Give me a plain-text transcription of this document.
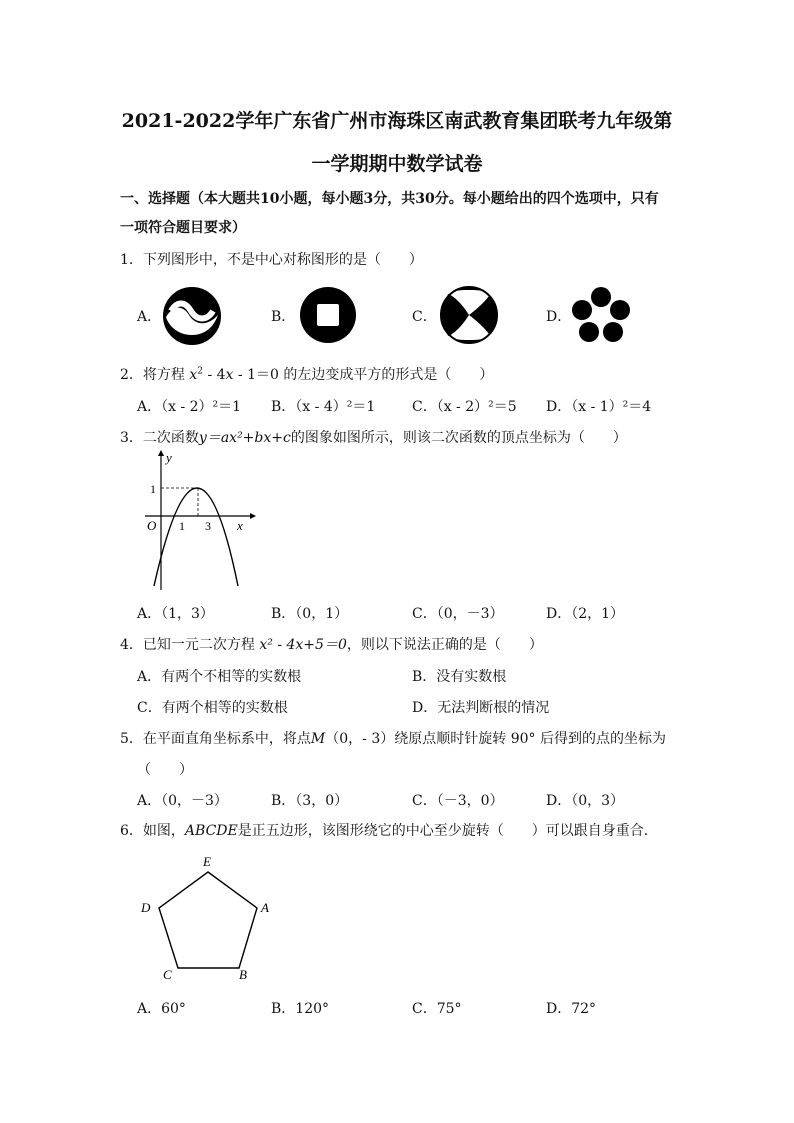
2021-2022学年广东省广州市海珠区南武教育集团联考九年级第
一学期期中数学试卷
一、选择题（本大题共10小题，每小题3分，共30分。每小题给出的四个选项中，只有
一项符合题目要求）
1．下列图形中，不是中心对称图形的是（　　）
A．	B．	C．	D．
2．将方程 $x^2 - 4x - 1=0$ 的左边变成平方的形式是（　　）
A．（x - 2）²＝1 B．（x - 4）²＝1	C．（x - 2）²＝5 D．（x - 1）²＝4
3．二次函数y＝ax²+bx+c的图象如图所示，则该二次函数的顶点坐标为（　　）
y
1
O 1 3 x
A．（1，3）	B．（0，1）	C．（0，－3）	D．（2，1）
4．已知一元二次方程 x² - 4x+5＝0，则以下说法正确的是（　　）
A．有两个不相等的实数根	B．没有实数根
C．有两个相等的实数根	D．无法判断根的情况
5．在平面直角坐标系中，将点M（0，- 3）绕原点顺时针旋转 90° 后得到的点的坐标为
（　　）
A．（0，－3）	B．（3，0）	C．（－3，0）	D．（0，3）
6．如图，ABCDE是正五边形，该图形绕它的中心至少旋转（　　）可以跟自身重合．
E
D	A
C	B
A．60°	B．120°	C．75°	D．72°
